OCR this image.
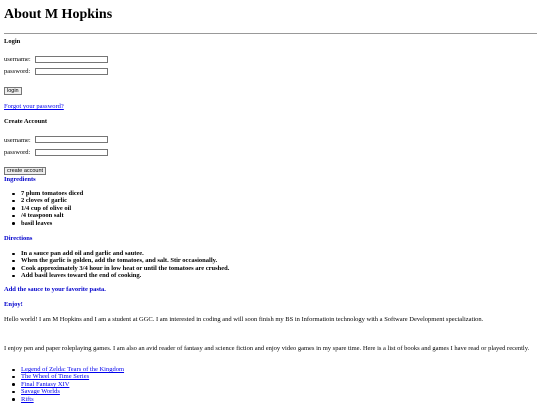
About M Hopkins
Login
username:
password:
login
Forgot your password?
Create Account
username:
password:
create account
Ingredients
7 plum tomatoes diced
2 cloves of garlic
1/4 cup of olive oil
/4 teaspoon salt
basil leaves
Directions
In a sauce pan add oil and garlic and sautee.
When the garlic is golden, add the tomatoes, and salt. Stir occasionally.
Cook approximately 3/4 hour in low heat or until the tomatoes are crushed.
Add basil leaves toward the end of cooking.
Add the sauce to your favorite pasta.
Enjoy!

Hello world! I am M Hopkins and I am a student at GGC. I am interested in coding and will soon finish my BS in Informatioin technology with a Software Development specialization.

I enjoy pen and paper roleplaying games. I am also an avid reader of fantasy and science fiction and enjoy video games in my spare time. Here is a list of books and games I have read or played recently.

Legend of Zelda: Tears of the Kingdom
The Wheel of Time Series
Final Fantasy XIV
Savage Worlds
Rifts
